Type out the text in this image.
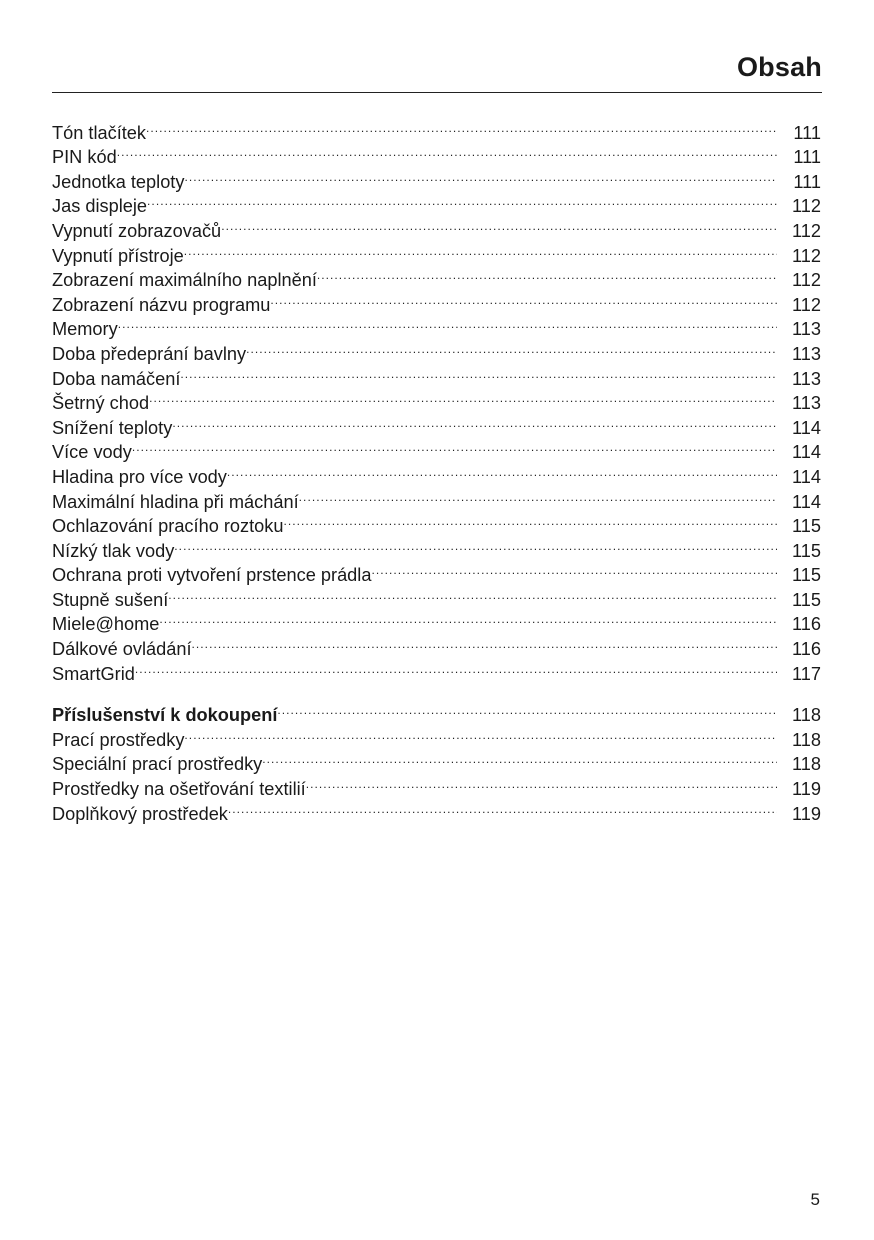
Obsah
Tón tlačítek .....	111
PIN kód .....	111
Jednotka teploty .....	111
Jas displeje .....	112
Vypnutí zobrazovačů .....	112
Vypnutí přístroje .....	112
Zobrazení maximálního naplnění .....	112
Zobrazení názvu programu .....	112
Memory .....	113
Doba předeprání bavlny .....	113
Doba namáčení .....	113
Šetrný chod .....	113
Snížení teploty .....	114
Více vody .....	114
Hladina pro více vody .....	114
Maximální hladina při máchání .....	114
Ochlazování pracího roztoku .....	115
Nízký tlak vody .....	115
Ochrana proti vytvoření prstence prádla .....	115
Stupně sušení .....	115
Miele@home .....	116
Dálkové ovládání .....	116
SmartGrid .....	117
Příslušenství k dokoupení .....	118
Prací prostředky .....	118
Speciální prací prostředky .....	118
Prostředky na ošetřování textilií .....	119
Doplňkový prostředek .....	119
5
